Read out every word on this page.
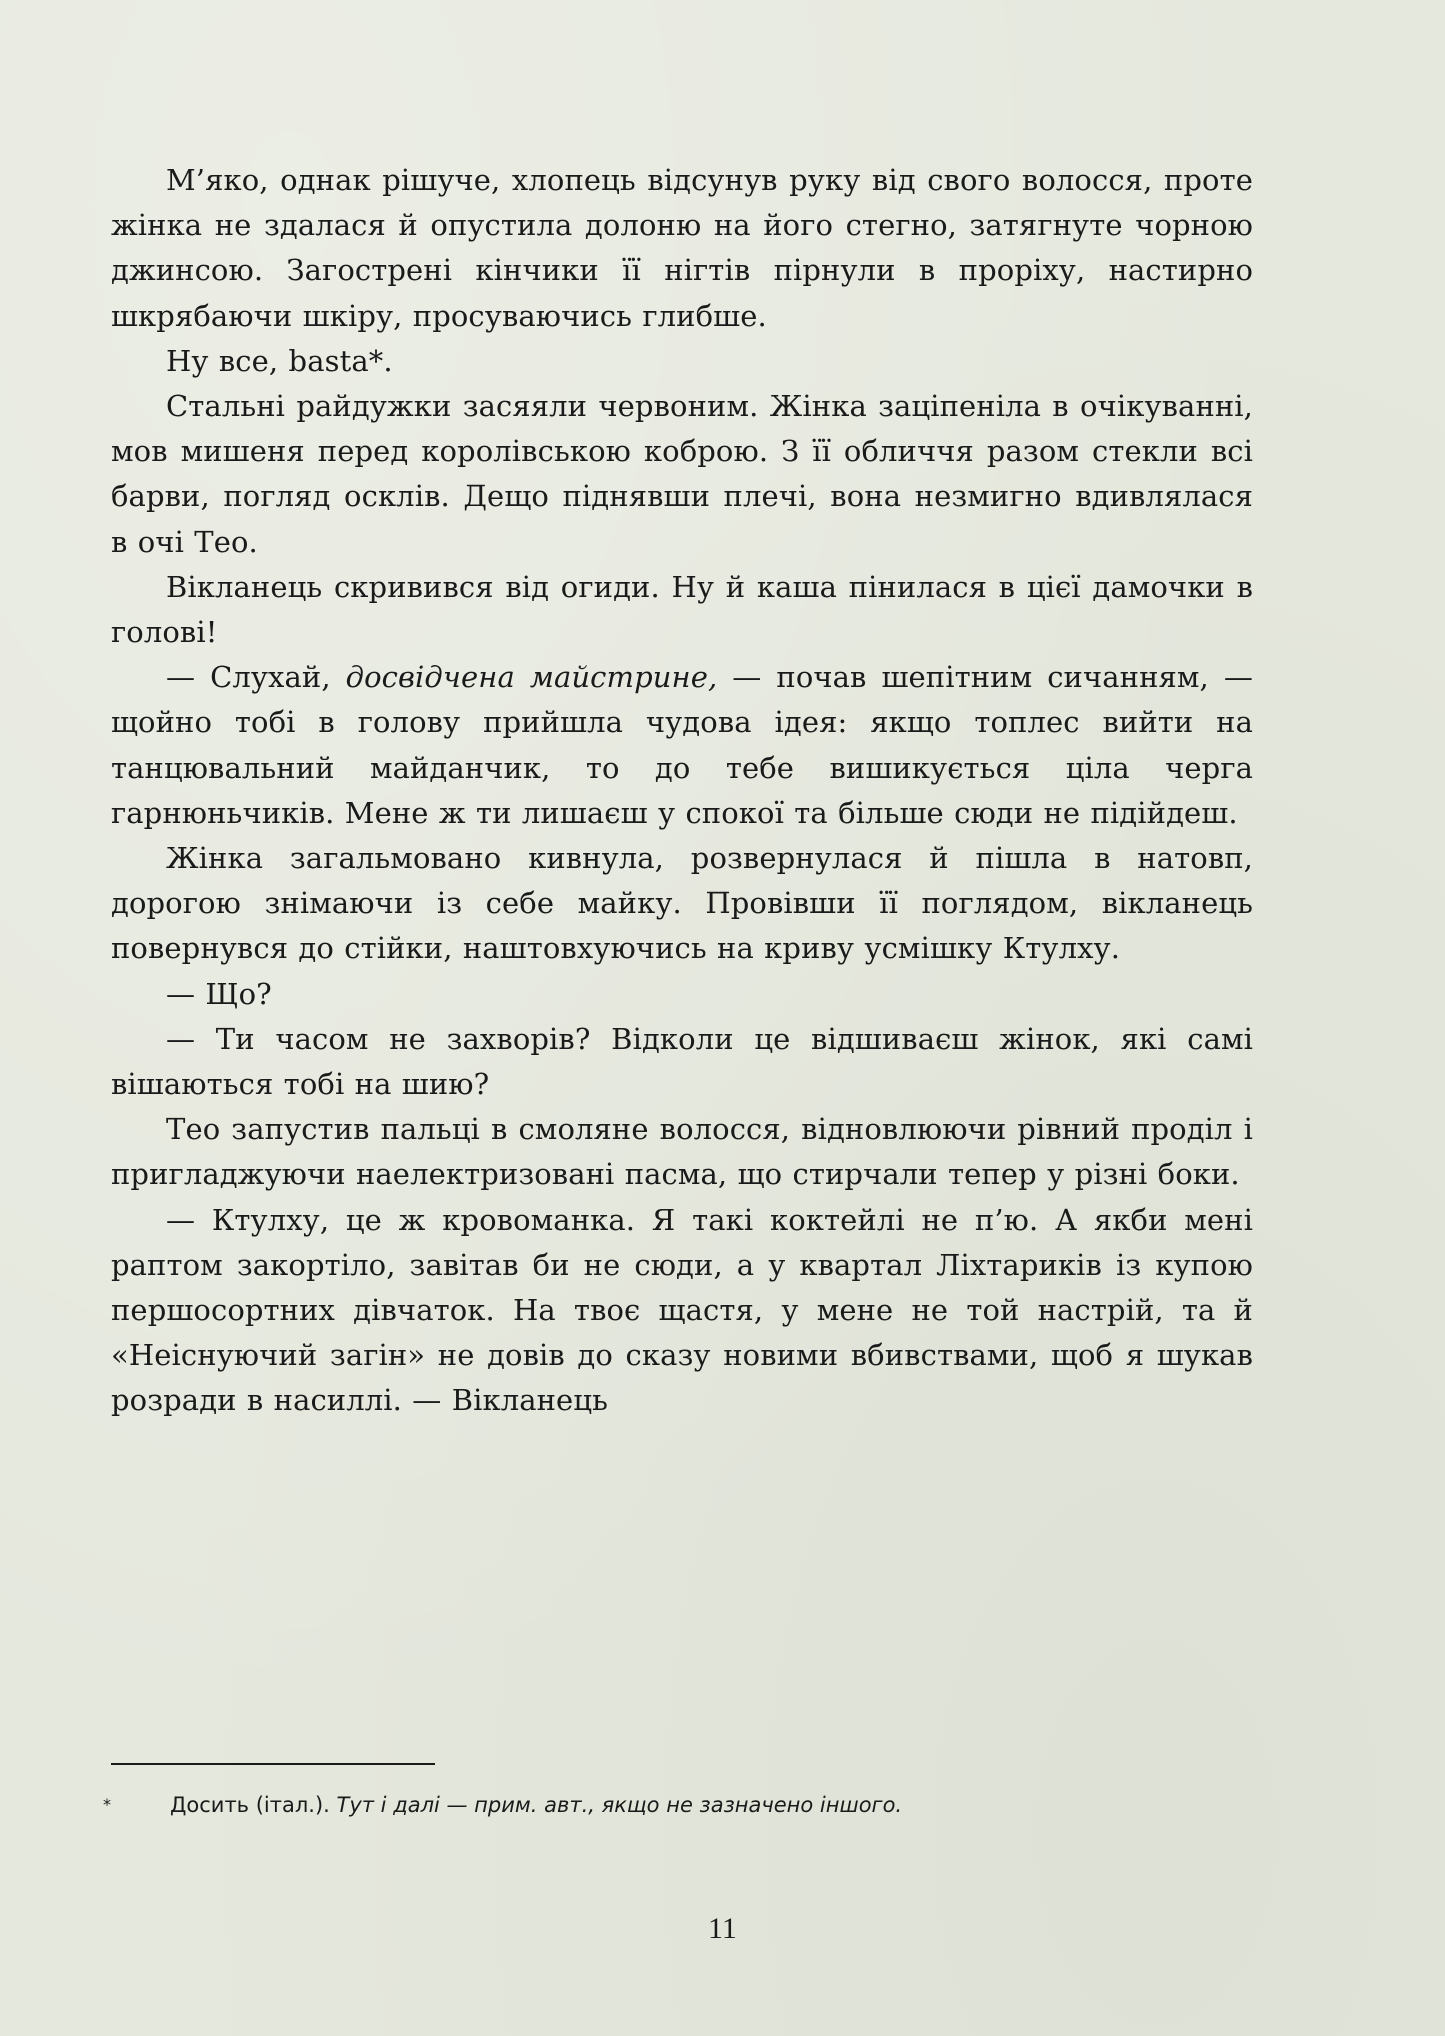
М’яко, однак рішуче, хлопець відсунув руку від свого волосся, проте жінка не здалася й опустила долоню на його стегно, затягнуте чорною джинсою. Загострені кінчики її нігтів пірнули в проріху, настирно шкрябаючи шкіру, просуваючись глибше.

Ну все, basta*.

Стальні райдужки засяяли червоним. Жінка заціпеніла в очікуванні, мов мишеня перед королівською коброю. З її обличчя разом стекли всі барви, погляд осклів. Дещо піднявши плечі, вона незмигно вдивлялася в очі Тео.

Вікланець скривився від огиди. Ну й каша пінилася в цієї дамочки в голові!

— Слухай, досвідчена майстрине, — почав шепітним сичанням, — щойно тобі в голову прийшла чудова ідея: якщо топлес вийти на танцювальний майданчик, то до тебе вишикується ціла черга гарнюньчиків. Мене ж ти лишаєш у спокої та більше сюди не підійдеш.

Жінка загальмовано кивнула, розвернулася й пішла в натовп, дорогою знімаючи із себе майку. Провівши її поглядом, вікланець повернувся до стійки, наштовхуючись на криву усмішку Ктулху.

— Що?

— Ти часом не захворів? Відколи це відшиваєш жінок, які самі вішаються тобі на шию?

Тео запустив пальці в смоляне волосся, відновлюючи рівний проділ і пригладжуючи наелектризовані пасма, що стирчали тепер у різні боки.

— Ктулху, це ж кровоманка. Я такі коктейлі не п’ю. А якби мені раптом закортіло, завітав би не сюди, а у квартал Ліхтариків із купою першосортних дівчаток. На твоє щастя, у мене не той настрій, та й «Неіснуючий загін» не довів до сказу новими вбивствами, щоб я шукав розради в насиллі. — Вікланець

*	Досить (італ.). Тут і далі — прим. авт., якщо не зазначено іншого.
11
